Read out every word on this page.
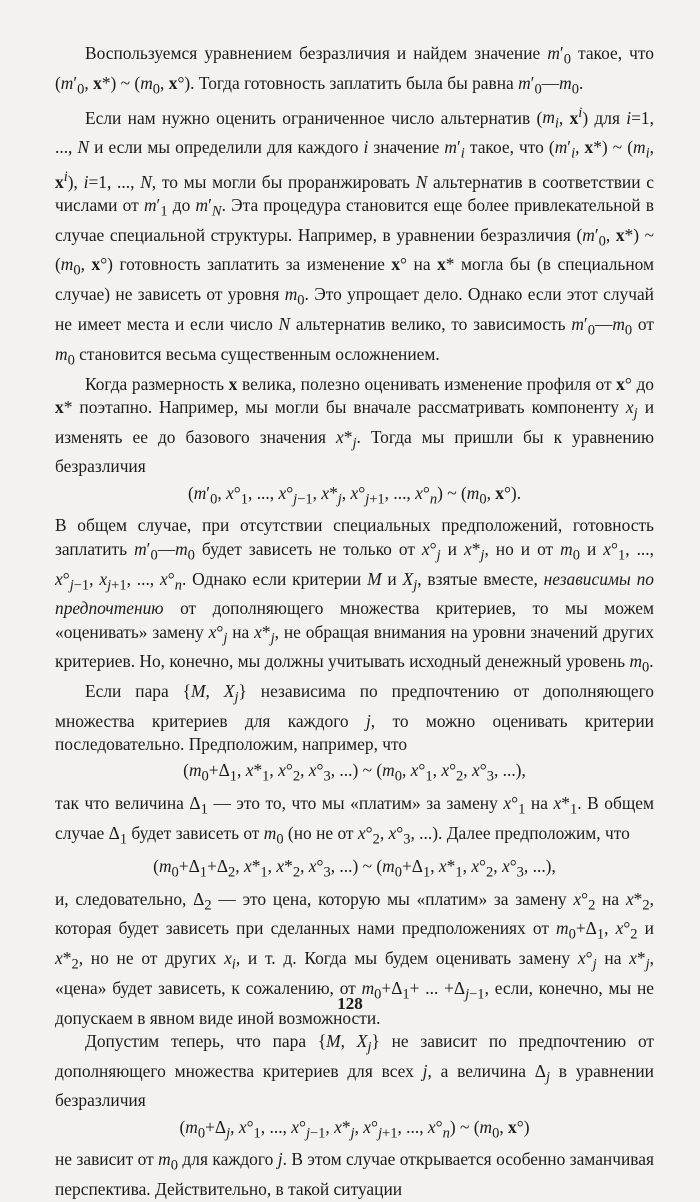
Воспользуемся уравнением безразличия и найдем значение $m'_0$ такое, что ($m'_0$, x*) ~ ($m_0$, x°). Тогда готовность заплатить была бы равна $m'_0—m_0$.

Если нам нужно оценить ограниченное число альтернатив ($m_i$, $x^i$) для i=1, ..., N и если мы определили для каждого i значение $m'_i$ такое, что ($m'_i$, x*) ~ ($m_i$, $x^i$), i=1, ..., N, то мы могли бы проранжировать N альтернатив в соответствии с числами от $m'_1$ до $m'_N$. Эта процедура становится еще более привлекательной в случае специальной структуры. Например, в уравнении безразличия ($m'_0$, x*) ~ ($m_0$, x°) готовность заплатить за изменение x° на x* могла бы (в специальном случае) не зависеть от уровня $m_0$. Это упрощает дело. Однако если этот случай не имеет места и если число N альтернатив велико, то зависимость $m'_0—m_0$ от $m_0$ становится весьма существенным осложнением.

Когда размерность x велика, полезно оценивать изменение профиля от x° до x* поэтапно. Например, мы могли бы вначале рассматривать компоненту $x_j$ и изменять ее до базового значения $x*_j$. Тогда мы пришли бы к уравнению безразличия

($m'_0$, $x^\circ_1$, ..., $x^\circ_{j-1}$, $x*_j$, $x^\circ_{j+1}$, ..., $x^\circ_n$) ~ ($m_0$, x°).

В общем случае, при отсутствии специальных предположений, готовность заплатить $m'_0—m_0$ будет зависеть не только от $x^\circ_j$ и $x*_j$, но и от $m_0$ и $x^\circ_1$, ..., $x^\circ_{j-1}$, $x_{j+1}$, ..., $x^\circ_n$. Однако если критерии M и $X_j$, взятые вместе, независимы по предпочтению от дополняющего множества критериев, то мы можем «оценивать» замену $x^\circ_j$ на $x*_j$, не обращая внимания на уровни значений других критериев. Но, конечно, мы должны учитывать исходный денежный уровень $m_0$.

Если пара {M, $X_j$} независима по предпочтению от дополняющего множества критериев для каждого j, то можно оценивать критерии последовательно. Предположим, например, что

($m_0+\Delta_1$, $x*_1$, $x^\circ_2$, $x^\circ_3$, ...) ~ ($m_0$, $x^\circ_1$, $x^\circ_2$, $x^\circ_3$, ...),

так что величина $\Delta_1$ — это то, что мы «платим» за замену $x^\circ_1$ на $x*_1$. В общем случае $\Delta_1$ будет зависеть от $m_0$ (но не от $x^\circ_2$, $x^\circ_3$, ...). Далее предположим, что

($m_0+\Delta_1+\Delta_2$, $x*_1$, $x*_2$, $x^\circ_3$, ...) ~ ($m_0+\Delta_1$, $x*_1$, $x^\circ_2$, $x^\circ_3$, ...),

и, следовательно, $\Delta_2$ — это цена, которую мы «платим» за замену $x^\circ_2$ на $x*_2$, которая будет зависеть при сделанных нами предположениях от $m_0+\Delta_1$, $x^\circ_2$ и $x*_2$, но не от других $x_i$, и т. д. Когда мы будем оценивать замену $x^\circ_j$ на $x*_j$, «цена» будет зависеть, к сожалению, от $m_0+\Delta_1+$ ... $+\Delta_{j-1}$, если, конечно, мы не допускаем в явном виде иной возможности.

Допустим теперь, что пара {M, $X_j$} не зависит по предпочтению от дополняющего множества критериев для всех j, а величина $\Delta_j$ в уравнении безразличия

($m_0+\Delta_j$, $x^\circ_1$, ..., $x^\circ_{j-1}$, $x*_j$, $x^\circ_{j+1}$, ..., $x^\circ_n$) ~ ($m_0$, x°)

не зависит от $m_0$ для каждого j. В этом случае открывается особенно заманчивая перспектива. Действительно, в такой ситуации

128
